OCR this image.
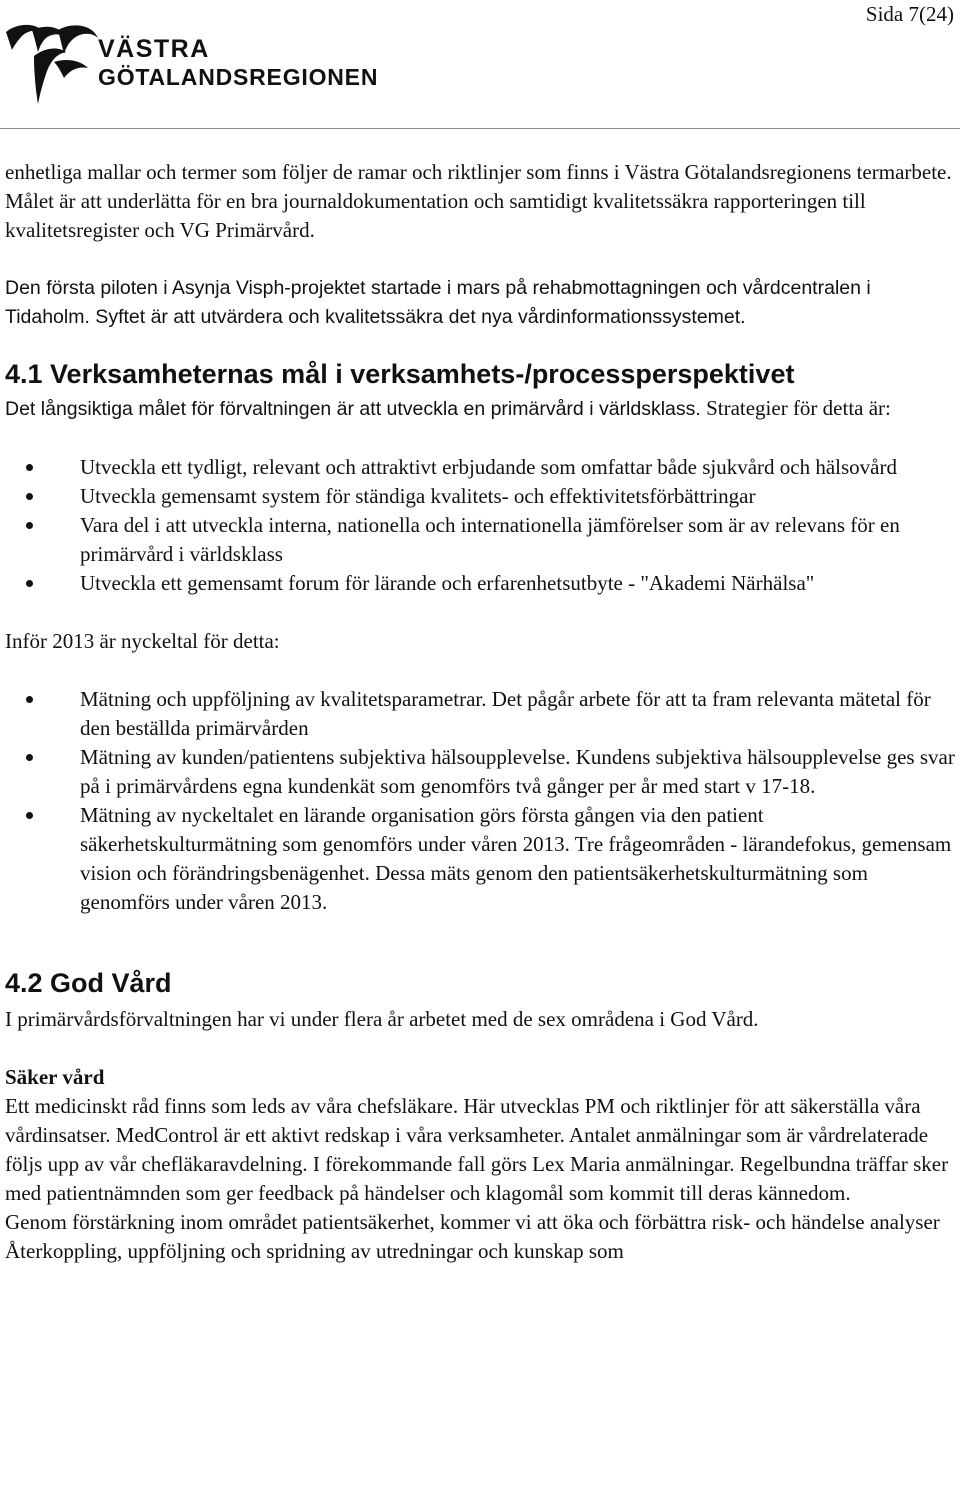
Sida 7(24)
VÄSTRA
GÖTALANDSREGIONEN

enhetliga mallar och termer som följer de ramar och riktlinjer som finns i Västra Götalandsregionens termarbete. Målet är att underlätta för en bra journaldokumentation och samtidigt kvalitetssäkra rapporteringen till kvalitetsregister och VG Primärvård.

Den första piloten i Asynja Visph-projektet startade i mars på rehabmottagningen och vårdcentralen i Tidaholm. Syftet är att utvärdera och kvalitetssäkra det nya vårdinformationssystemet.

4.1 Verksamheternas mål i verksamhets-/processperspektivet

Det långsiktiga målet för förvaltningen är att utveckla en primärvård i världsklass. Strategier för detta är:

Utveckla ett tydligt, relevant och attraktivt erbjudande som omfattar både sjukvård och hälsovård
Utveckla gemensamt system för ständiga kvalitets- och effektivitetsförbättringar
Vara del i att utveckla interna, nationella och internationella jämförelser som är av relevans för en primärvård i världsklass
Utveckla ett gemensamt forum för lärande och erfarenhetsutbyte - "Akademi Närhälsa"

Inför 2013 är nyckeltal för detta:

Mätning och uppföljning av kvalitetsparametrar. Det pågår arbete för att ta fram relevanta mätetal för den beställda primärvården
Mätning av kunden/patientens subjektiva hälsoupplevelse. Kundens subjektiva hälsoupplevelse ges svar på i primärvårdens egna kundenkät som genomförs två gånger per år med start v 17-18.
Mätning av nyckeltalet en lärande organisation görs första gången via den patient säkerhetskulturmätning som genomförs under våren 2013. Tre frågeområden - lärandefokus, gemensam vision och förändringsbenägenhet. Dessa mäts genom den patientsäkerhetskulturmätning som genomförs under våren 2013.
4.2 God Vård

I primärvårdsförvaltningen har vi under flera år arbetet med de sex områdena i God Vård.

Säker vård

Ett medicinskt råd finns som leds av våra chefsläkare. Här utvecklas PM och riktlinjer för att säkerställa våra vårdinsatser. MedControl är ett aktivt redskap i våra verksamheter. Antalet anmälningar som är vårdrelaterade följs upp av vår chefläkaravdelning. I förekommande fall görs Lex Maria anmälningar. Regelbundna träffar sker med patientnämnden som ger feedback på händelser och klagomål som kommit till deras kännedom.

Genom förstärkning inom området patientsäkerhet, kommer vi att öka och förbättra risk- och händelse analyser

Återkoppling, uppföljning och spridning av utredningar och kunskap som
